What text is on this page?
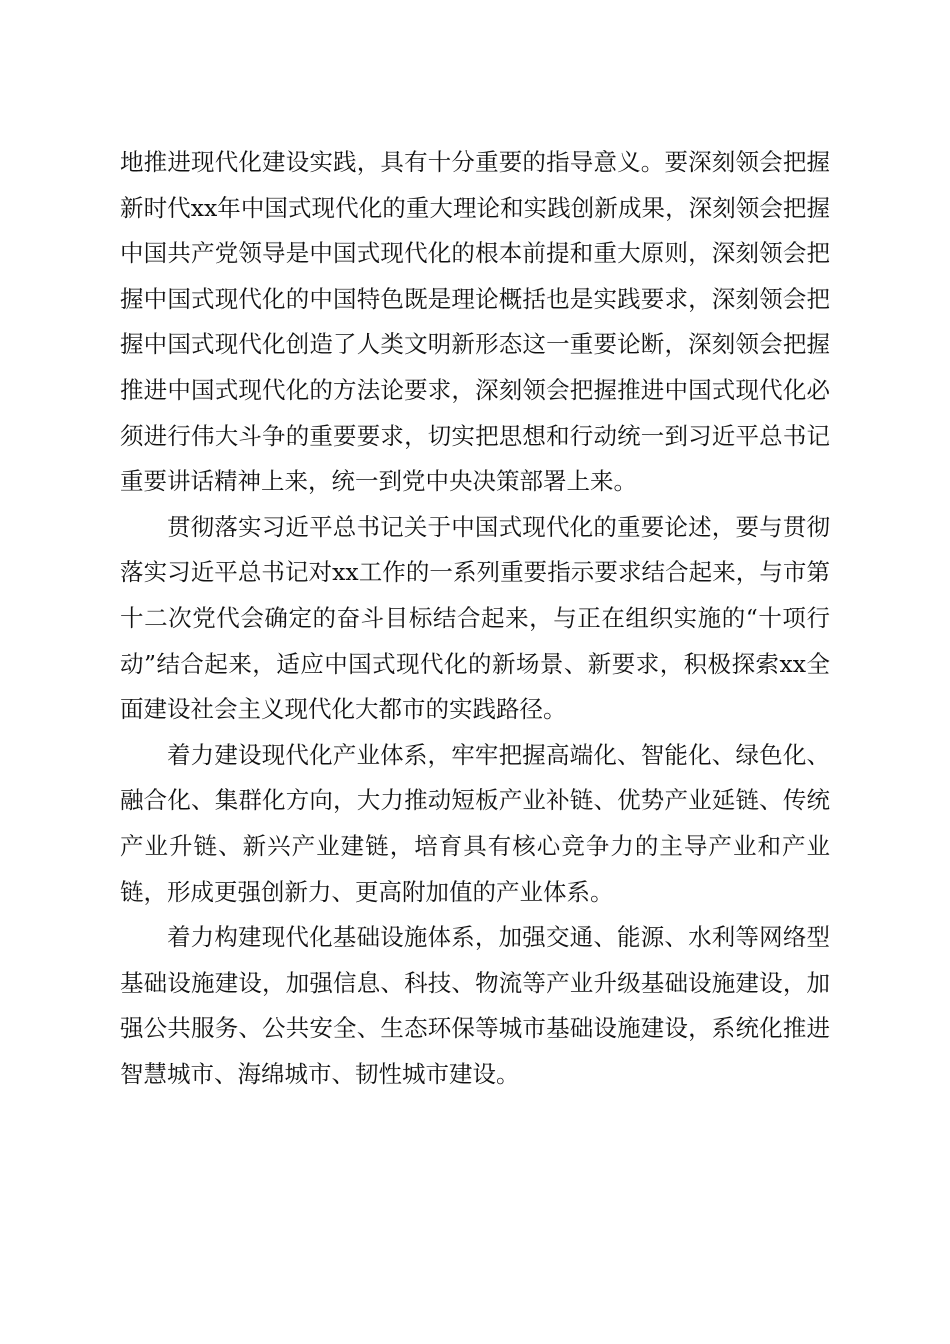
地推进现代化建设实践，具有十分重要的指导意义。要深刻领会把握新时代xx年中国式现代化的重大理论和实践创新成果，深刻领会把握中国共产党领导是中国式现代化的根本前提和重大原则，深刻领会把握中国式现代化的中国特色既是理论概括也是实践要求，深刻领会把握中国式现代化创造了人类文明新形态这一重要论断，深刻领会把握推进中国式现代化的方法论要求，深刻领会把握推进中国式现代化必须进行伟大斗争的重要要求，切实把思想和行动统一到习近平总书记重要讲话精神上来，统一到党中央决策部署上来。

贯彻落实习近平总书记关于中国式现代化的重要论述，要与贯彻落实习近平总书记对xx工作的一系列重要指示要求结合起来，与市第十二次党代会确定的奋斗目标结合起来，与正在组织实施的“十项行动”结合起来，适应中国式现代化的新场景、新要求，积极探索xx全面建设社会主义现代化大都市的实践路径。

着力建设现代化产业体系，牢牢把握高端化、智能化、绿色化、融合化、集群化方向，大力推动短板产业补链、优势产业延链、传统产业升链、新兴产业建链，培育具有核心竞争力的主导产业和产业链，形成更强创新力、更高附加值的产业体系。

着力构建现代化基础设施体系，加强交通、能源、水利等网络型基础设施建设，加强信息、科技、物流等产业升级基础设施建设，加强公共服务、公共安全、生态环保等城市基础设施建设，系统化推进智慧城市、海绵城市、韧性城市建设。
